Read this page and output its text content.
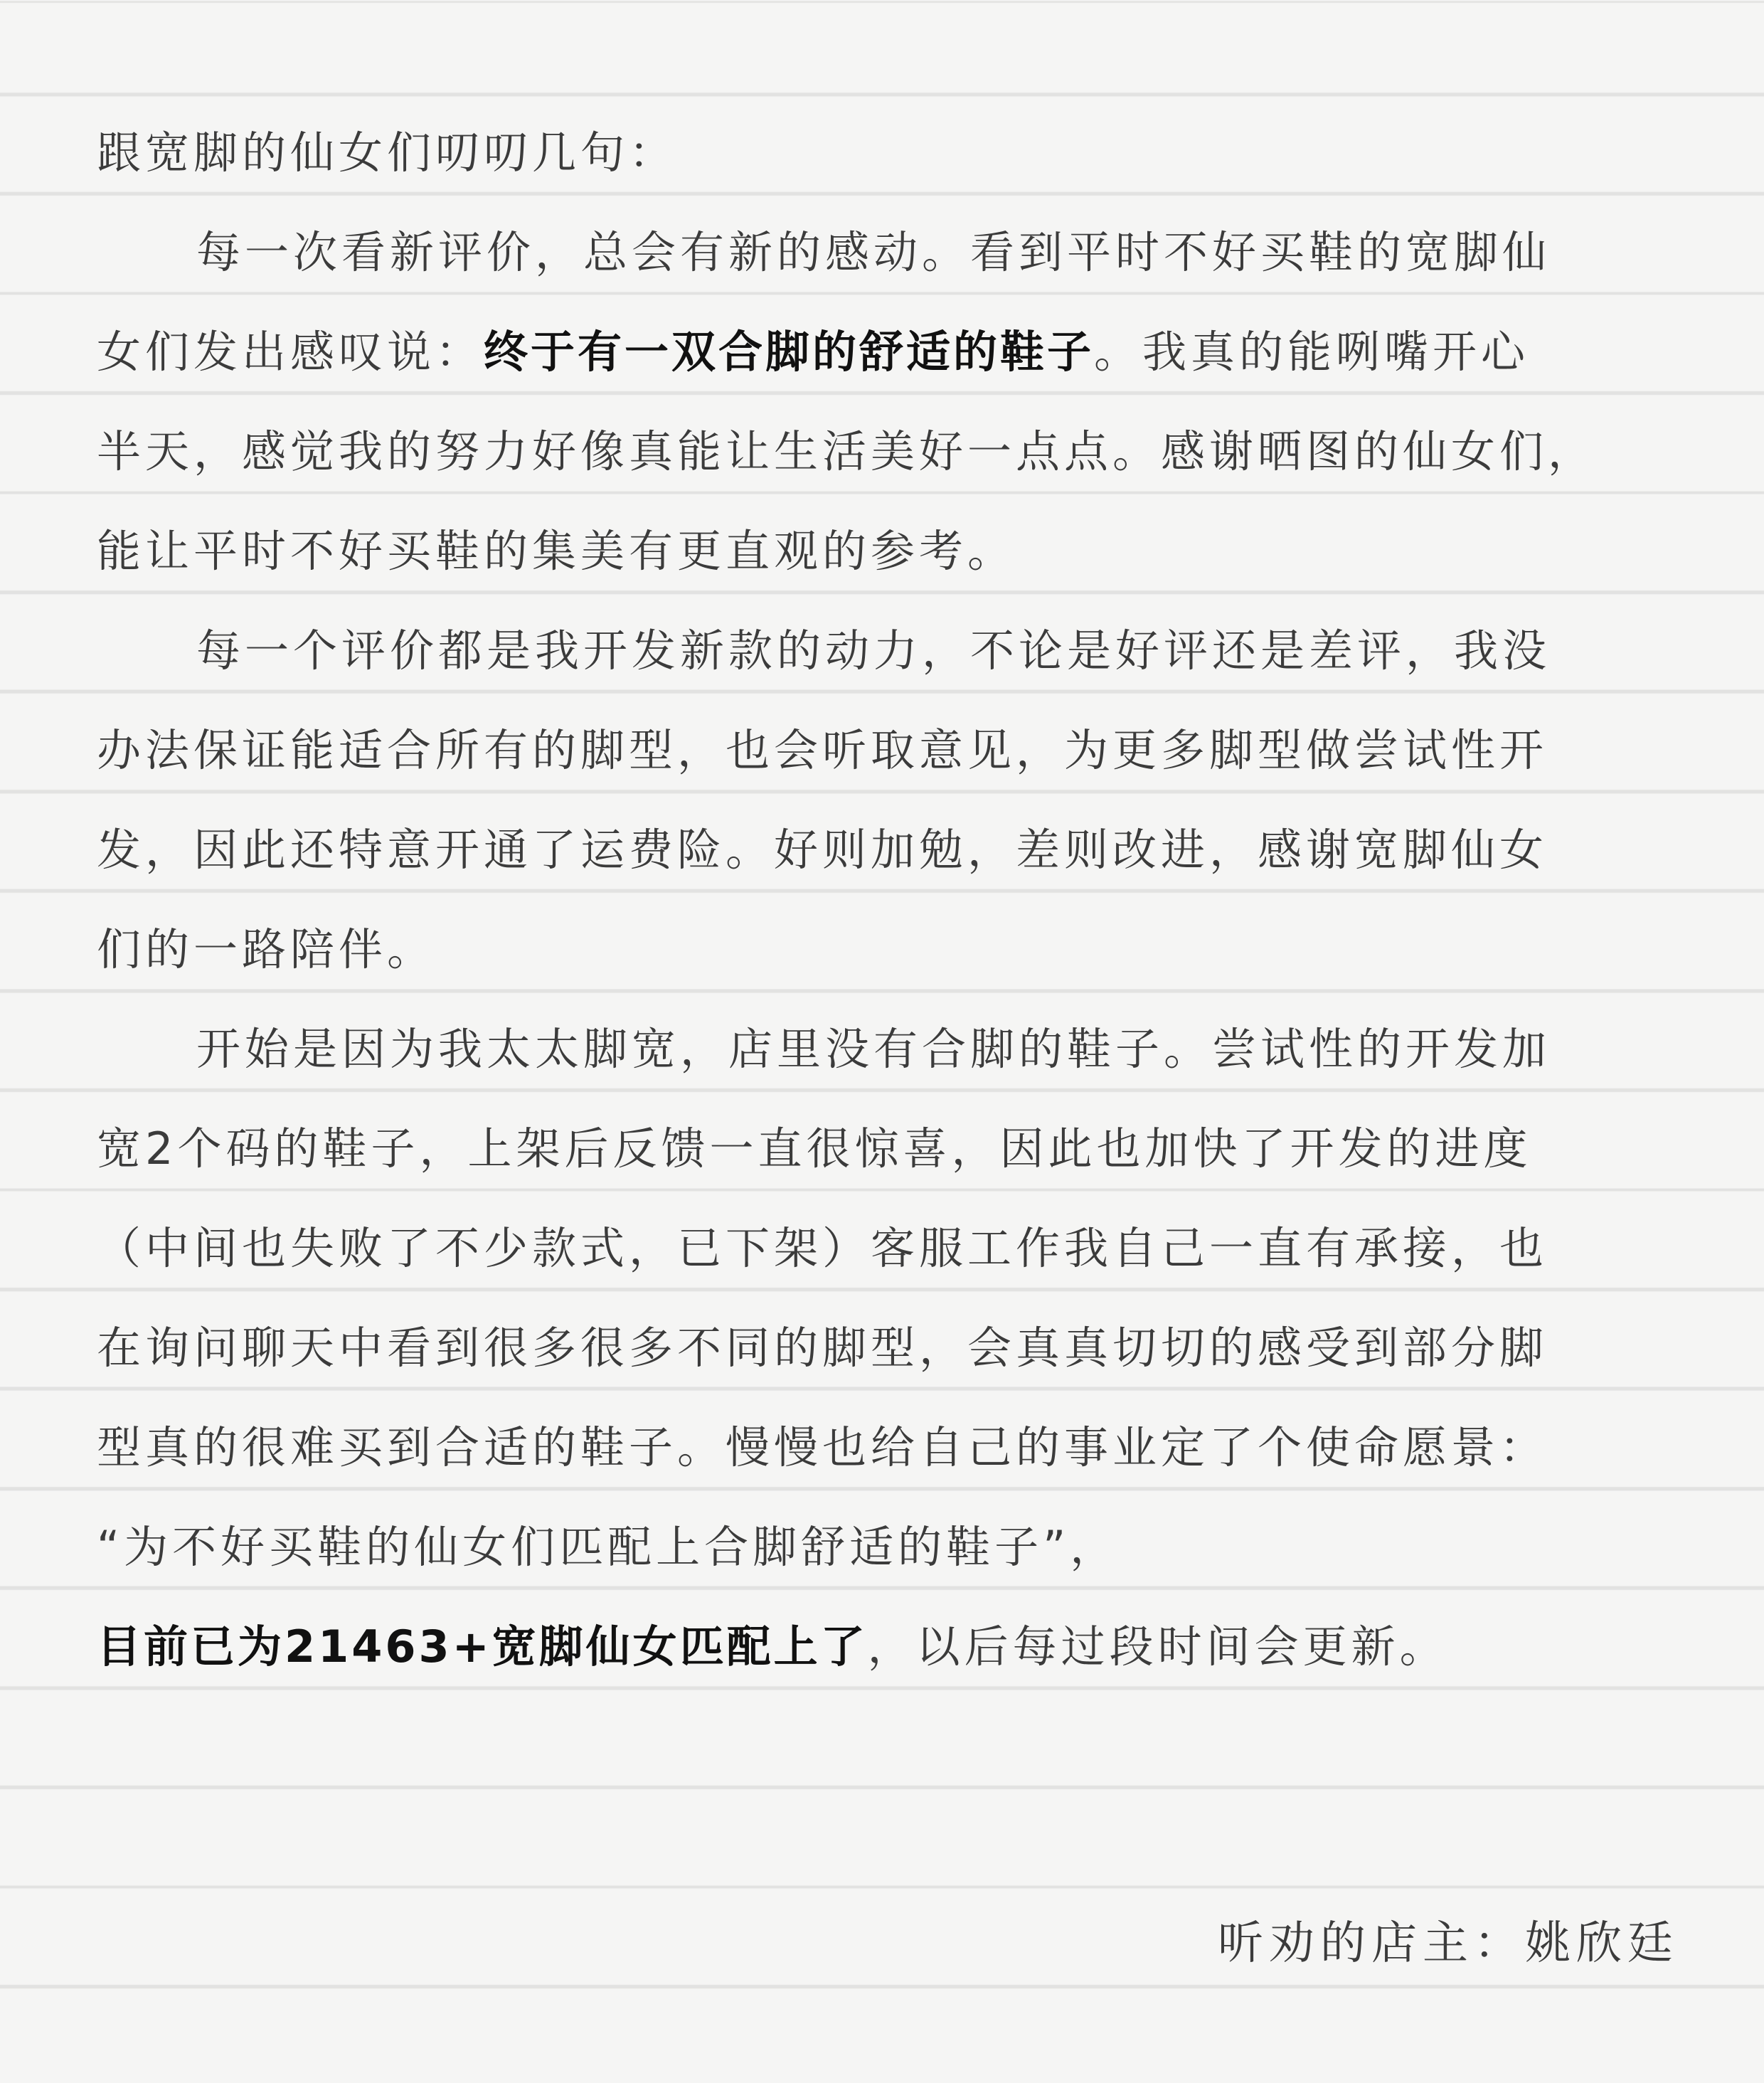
跟宽脚的仙女们叨叨几句：
每一次看新评价，总会有新的感动。看到平时不好买鞋的宽脚仙
女们发出感叹说：终于有一双合脚的舒适的鞋子。我真的能咧嘴开心
半天，感觉我的努力好像真能让生活美好一点点。感谢晒图的仙女们，
能让平时不好买鞋的集美有更直观的参考。
每一个评价都是我开发新款的动力，不论是好评还是差评，我没
办法保证能适合所有的脚型，也会听取意见，为更多脚型做尝试性开
发，因此还特意开通了运费险。好则加勉，差则改进，感谢宽脚仙女
们的一路陪伴。
开始是因为我太太脚宽，店里没有合脚的鞋子。尝试性的开发加
宽2个码的鞋子，上架后反馈一直很惊喜，因此也加快了开发的进度
（中间也失败了不少款式，已下架）客服工作我自己一直有承接，也
在询问聊天中看到很多很多不同的脚型，会真真切切的感受到部分脚
型真的很难买到合适的鞋子。慢慢也给自己的事业定了个使命愿景：
“为不好买鞋的仙女们匹配上合脚舒适的鞋子”，
目前已为21463+宽脚仙女匹配上了，以后每过段时间会更新。
听劝的店主：姚欣廷
